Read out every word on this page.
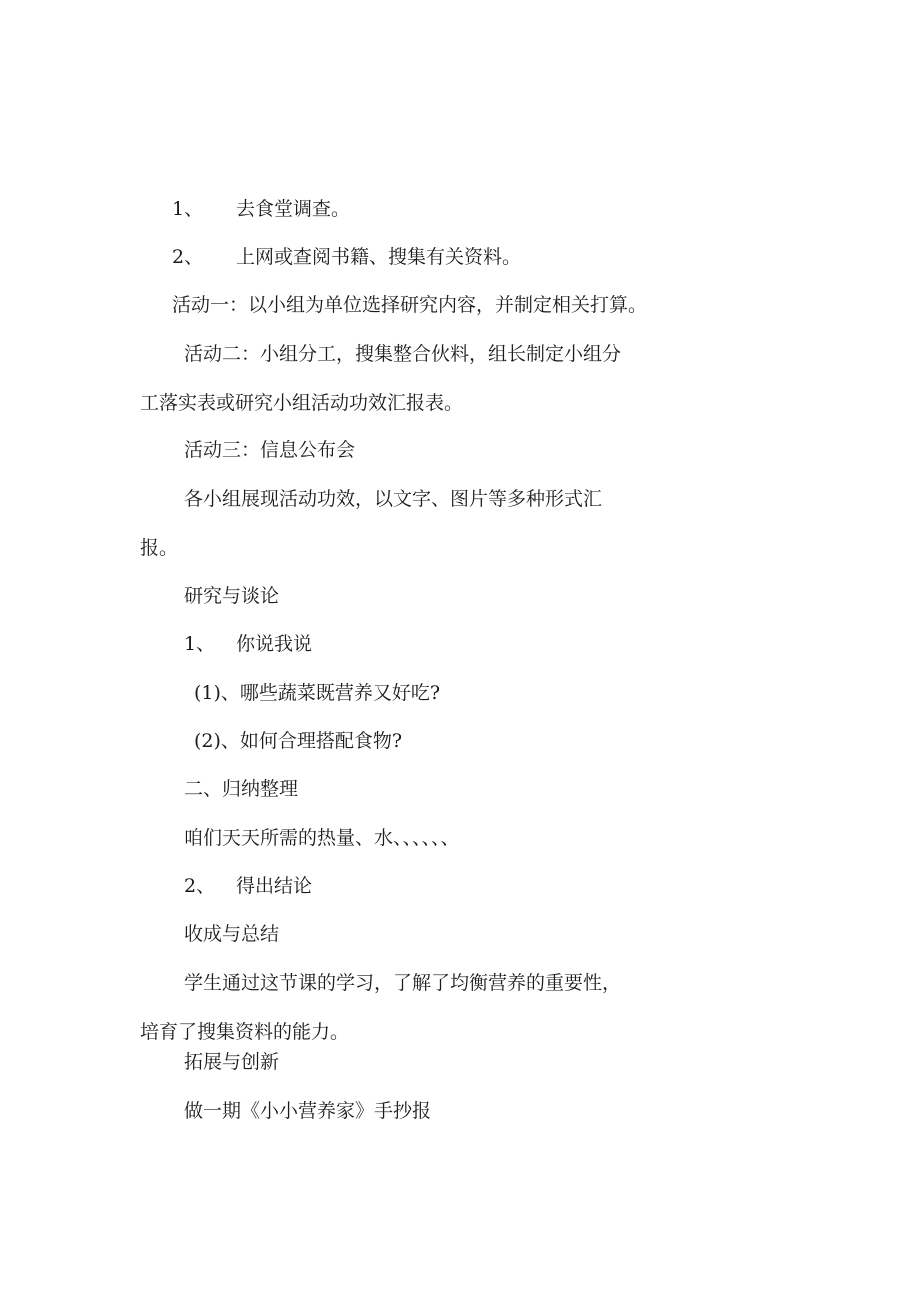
1、 去食堂调查。

2、 上网或查阅书籍、搜集有关资料。

活动一：以小组为单位选择研究内容，并制定相关打算。

活动二：小组分工，搜集整合伙料，组长制定小组分

工落实表或研究小组活动功效汇报表。

活动三：信息公布会

各小组展现活动功效，以文字、图片等多种形式汇

报。

研究与谈论

1、 你说我说

(1)、哪些蔬菜既营养又好吃?

(2)、如何合理搭配食物?

二、归纳整理

咱们天天所需的热量、水、、、、、、

2、 得出结论

收成与总结

学生通过这节课的学习，了解了均衡营养的重要性，

培育了搜集资料的能力。

拓展与创新

做一期《小小营养家》手抄报
